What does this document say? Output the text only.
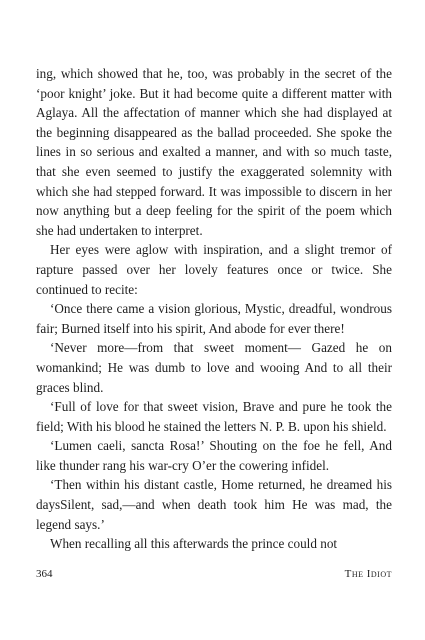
ing, which showed that he, too, was probably in the secret of the ‘poor knight’ joke. But it had become quite a different matter with Aglaya. All the affectation of manner which she had displayed at the beginning disappeared as the ballad proceeded. She spoke the lines in so serious and exalted a manner, and with so much taste, that she even seemed to justify the exaggerated solemnity with which she had stepped forward. It was impossible to discern in her now anything but a deep feeling for the spirit of the poem which she had undertaken to interpret.

Her eyes were aglow with inspiration, and a slight tremor of rapture passed over her lovely features once or twice. She continued to recite:

‘Once there came a vision glorious, Mystic, dreadful, wondrous fair; Burned itself into his spirit, And abode for ever there!

‘Never more—from that sweet moment— Gazed he on womankind; He was dumb to love and wooing And to all their graces blind.

‘Full of love for that sweet vision, Brave and pure he took the field; With his blood he stained the letters N. P. B. upon his shield.

‘Lumen caeli, sancta Rosa!’ Shouting on the foe he fell, And like thunder rang his war-cry O’er the cowering infidel.

‘Then within his distant castle, Home returned, he dreamed his daysSilent, sad,—and when death took him He was mad, the legend says.’

When recalling all this afterwards the prince could not

364	The Idiot
